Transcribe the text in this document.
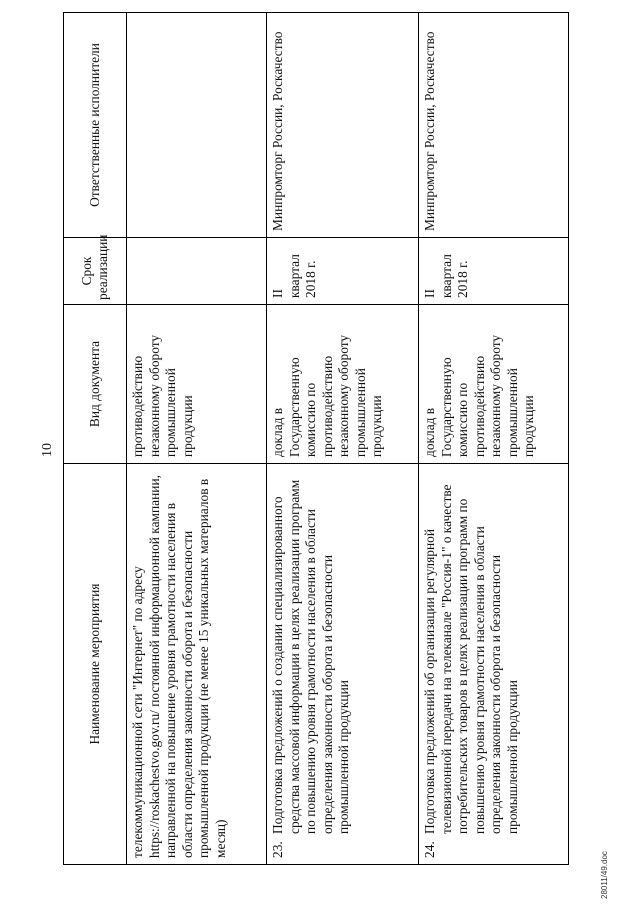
10
Наименование мероприятия	Вид документа	Срок реализации	Ответственные исполнители
телекоммуникационной сети "Интернет" по адресу https://roskachestvo.gov.ru/ постоянной информационной кампании, направленной на повышение уровня грамотности населения в области определения законности оборота и безопасности промышленной продукции (не менее 15 уникальных материалов в месяц)	противодействию незаконному обороту промышленной продукции		

23.
Подготовка предложений о создании специализированного средства массовой информации в целях реализации программ по повышению уровня грамотности населения в области определения законности оборота и безопасности промышленной продукции	доклад в Государственную комиссию по противодействию незаконному обороту промышленной продукции	II квартал 2018 г.	Минпромторг России, Роскачество

24.
Подготовка предложений об организации регулярной телевизионной передачи на телеканале "Россия-1" о качестве потребительских товаров в целях реализации программ по повышению уровня грамотности населения в области определения законности оборота и безопасности промышленной продукции	доклад в Государственную комиссию по противодействию незаконному обороту промышленной продукции	II квартал 2018 г.	Минпромторг России, Роскачество
28011/49.doc
